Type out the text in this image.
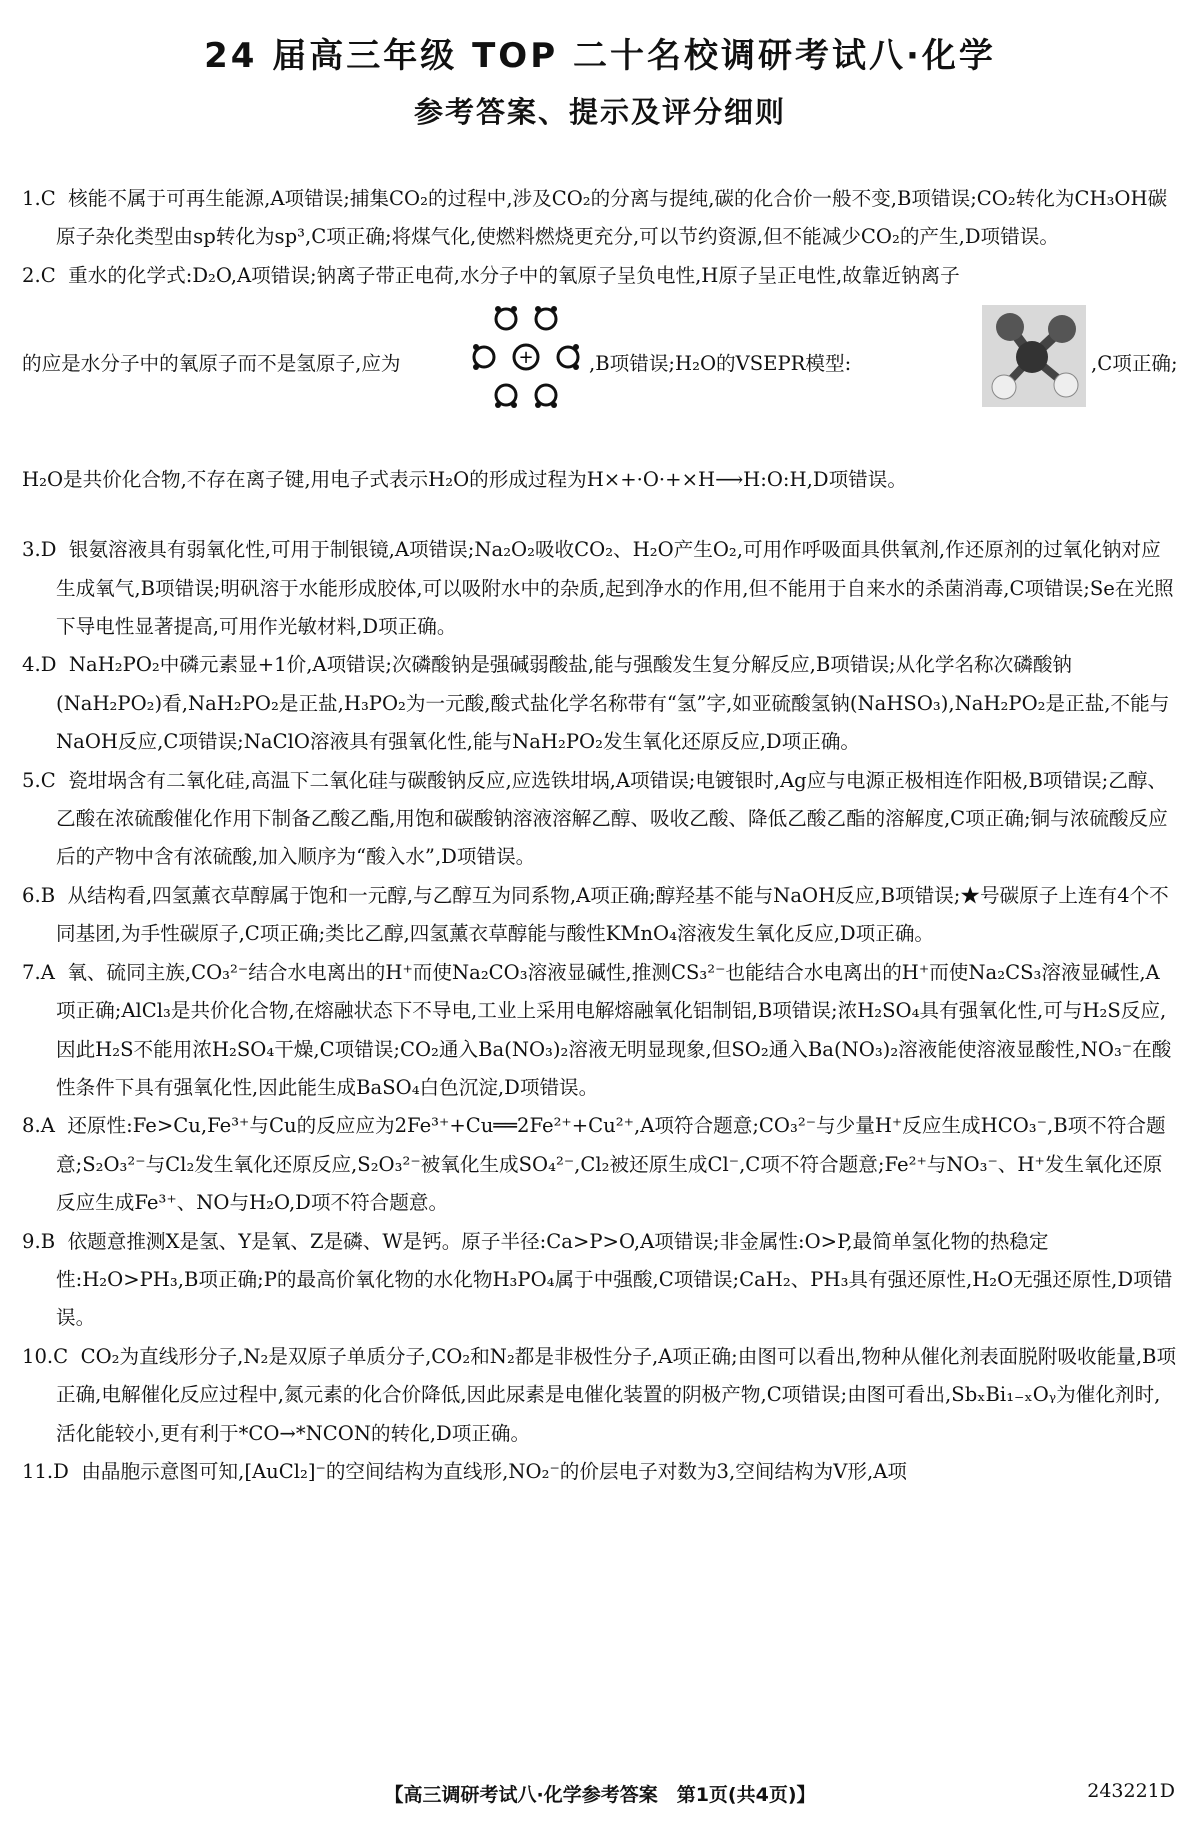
24 届高三年级 TOP 二十名校调研考试八·化学
参考答案、提示及评分细则
1.C 核能不属于可再生能源,A项错误;捕集CO₂的过程中,涉及CO₂的分离与提纯,碳的化合价一般不变,B项错误;CO₂转化为CH₃OH碳原子杂化类型由sp转化为sp³,C项正确;将煤气化,使燃料燃烧更充分,可以节约资源,但不能减少CO₂的产生,D项错误。
2.C 重水的化学式:D₂O,A项错误;钠离子带正电荷,水分子中的氧原子呈负电性,H原子呈正电性,故靠近钠离子
的应是水分子中的氧原子而不是氢原子,应为	+	,B项错误;H₂O的VSEPR模型:	,C项正确;
H₂O是共价化合物,不存在离子键,用电子式表示H₂O的形成过程为H×+·O·+×H⟶H:O:H,D项错误。
3.D 银氨溶液具有弱氧化性,可用于制银镜,A项错误;Na₂O₂吸收CO₂、H₂O产生O₂,可用作呼吸面具供氧剂,作还原剂的过氧化钠对应生成氧气,B项错误;明矾溶于水能形成胶体,可以吸附水中的杂质,起到净水的作用,但不能用于自来水的杀菌消毒,C项错误;Se在光照下导电性显著提高,可用作光敏材料,D项正确。
4.D NaH₂PO₂中磷元素显+1价,A项错误;次磷酸钠是强碱弱酸盐,能与强酸发生复分解反应,B项错误;从化学名称次磷酸钠(NaH₂PO₂)看,NaH₂PO₂是正盐,H₃PO₂为一元酸,酸式盐化学名称带有“氢”字,如亚硫酸氢钠(NaHSO₃),NaH₂PO₂是正盐,不能与NaOH反应,C项错误;NaClO溶液具有强氧化性,能与NaH₂PO₂发生氧化还原反应,D项正确。
5.C 瓷坩埚含有二氧化硅,高温下二氧化硅与碳酸钠反应,应选铁坩埚,A项错误;电镀银时,Ag应与电源正极相连作阳极,B项错误;乙醇、乙酸在浓硫酸催化作用下制备乙酸乙酯,用饱和碳酸钠溶液溶解乙醇、吸收乙酸、降低乙酸乙酯的溶解度,C项正确;铜与浓硫酸反应后的产物中含有浓硫酸,加入顺序为“酸入水”,D项错误。
6.B 从结构看,四氢薰衣草醇属于饱和一元醇,与乙醇互为同系物,A项正确;醇羟基不能与NaOH反应,B项错误;★号碳原子上连有4个不同基团,为手性碳原子,C项正确;类比乙醇,四氢薰衣草醇能与酸性KMnO₄溶液发生氧化反应,D项正确。
7.A 氧、硫同主族,CO₃²⁻结合水电离出的H⁺而使Na₂CO₃溶液显碱性,推测CS₃²⁻也能结合水电离出的H⁺而使Na₂CS₃溶液显碱性,A项正确;AlCl₃是共价化合物,在熔融状态下不导电,工业上采用电解熔融氧化铝制铝,B项错误;浓H₂SO₄具有强氧化性,可与H₂S反应,因此H₂S不能用浓H₂SO₄干燥,C项错误;CO₂通入Ba(NO₃)₂溶液无明显现象,但SO₂通入Ba(NO₃)₂溶液能使溶液显酸性,NO₃⁻在酸性条件下具有强氧化性,因此能生成BaSO₄白色沉淀,D项错误。
8.A 还原性:Fe>Cu,Fe³⁺与Cu的反应应为2Fe³⁺+Cu══2Fe²⁺+Cu²⁺,A项符合题意;CO₃²⁻与少量H⁺反应生成HCO₃⁻,B项不符合题意;S₂O₃²⁻与Cl₂发生氧化还原反应,S₂O₃²⁻被氧化生成SO₄²⁻,Cl₂被还原生成Cl⁻,C项不符合题意;Fe²⁺与NO₃⁻、H⁺发生氧化还原反应生成Fe³⁺、NO与H₂O,D项不符合题意。
9.B 依题意推测X是氢、Y是氧、Z是磷、W是钙。原子半径:Ca>P>O,A项错误;非金属性:O>P,最简单氢化物的热稳定性:H₂O>PH₃,B项正确;P的最高价氧化物的水化物H₃PO₄属于中强酸,C项错误;CaH₂、PH₃具有强还原性,H₂O无强还原性,D项错误。
10.C CO₂为直线形分子,N₂是双原子单质分子,CO₂和N₂都是非极性分子,A项正确;由图可以看出,物种从催化剂表面脱附吸收能量,B项正确,电解催化反应过程中,氮元素的化合价降低,因此尿素是电催化装置的阴极产物,C项错误;由图可看出,SbₓBi₁₋ₓOᵧ为催化剂时,活化能较小,更有利于*CO→*NCON的转化,D项正确。
11.D 由晶胞示意图可知,[AuCl₂]⁻的空间结构为直线形,NO₂⁻的价层电子对数为3,空间结构为V形,A项
【高三调研考试八·化学参考答案　第1页(共4页)】	243221D
